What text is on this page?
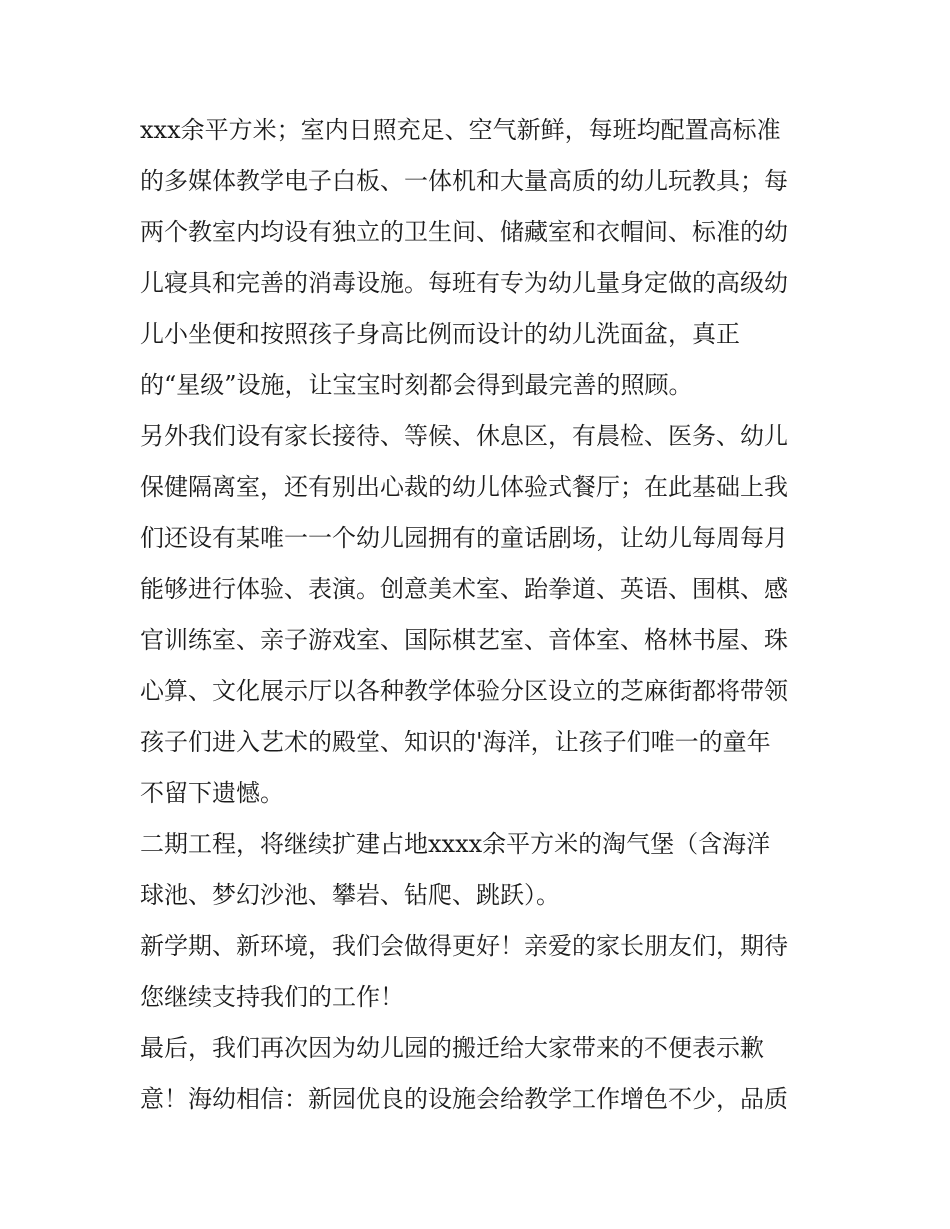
xxx余平方米；室内日照充足、空气新鲜，每班均配置高标准
的多媒体教学电子白板、一体机和大量高质的幼儿玩教具；每
两个教室内均设有独立的卫生间、储藏室和衣帽间、标准的幼
儿寝具和完善的消毒设施。每班有专为幼儿量身定做的高级幼
儿小坐便和按照孩子身高比例而设计的幼儿洗面盆，真正
的“星级”设施，让宝宝时刻都会得到最完善的照顾。
另外我们设有家长接待、等候、休息区，有晨检、医务、幼儿
保健隔离室，还有别出心裁的幼儿体验式餐厅；在此基础上我
们还设有某唯一一个幼儿园拥有的童话剧场，让幼儿每周每月
能够进行体验、表演。创意美术室、跆拳道、英语、围棋、感
官训练室、亲子游戏室、国际棋艺室、音体室、格林书屋、珠
心算、文化展示厅以各种教学体验分区设立的芝麻街都将带领
孩子们进入艺术的殿堂、知识的'海洋，让孩子们唯一的童年
不留下遗憾。
二期工程，将继续扩建占地xxxx余平方米的淘气堡（含海洋
球池、梦幻沙池、攀岩、钻爬、跳跃）。
新学期、新环境，我们会做得更好！亲爱的家长朋友们，期待
您继续支持我们的工作！
最后，我们再次因为幼儿园的搬迁给大家带来的不便表示歉
意！海幼相信：新园优良的设施会给教学工作增色不少，品质
